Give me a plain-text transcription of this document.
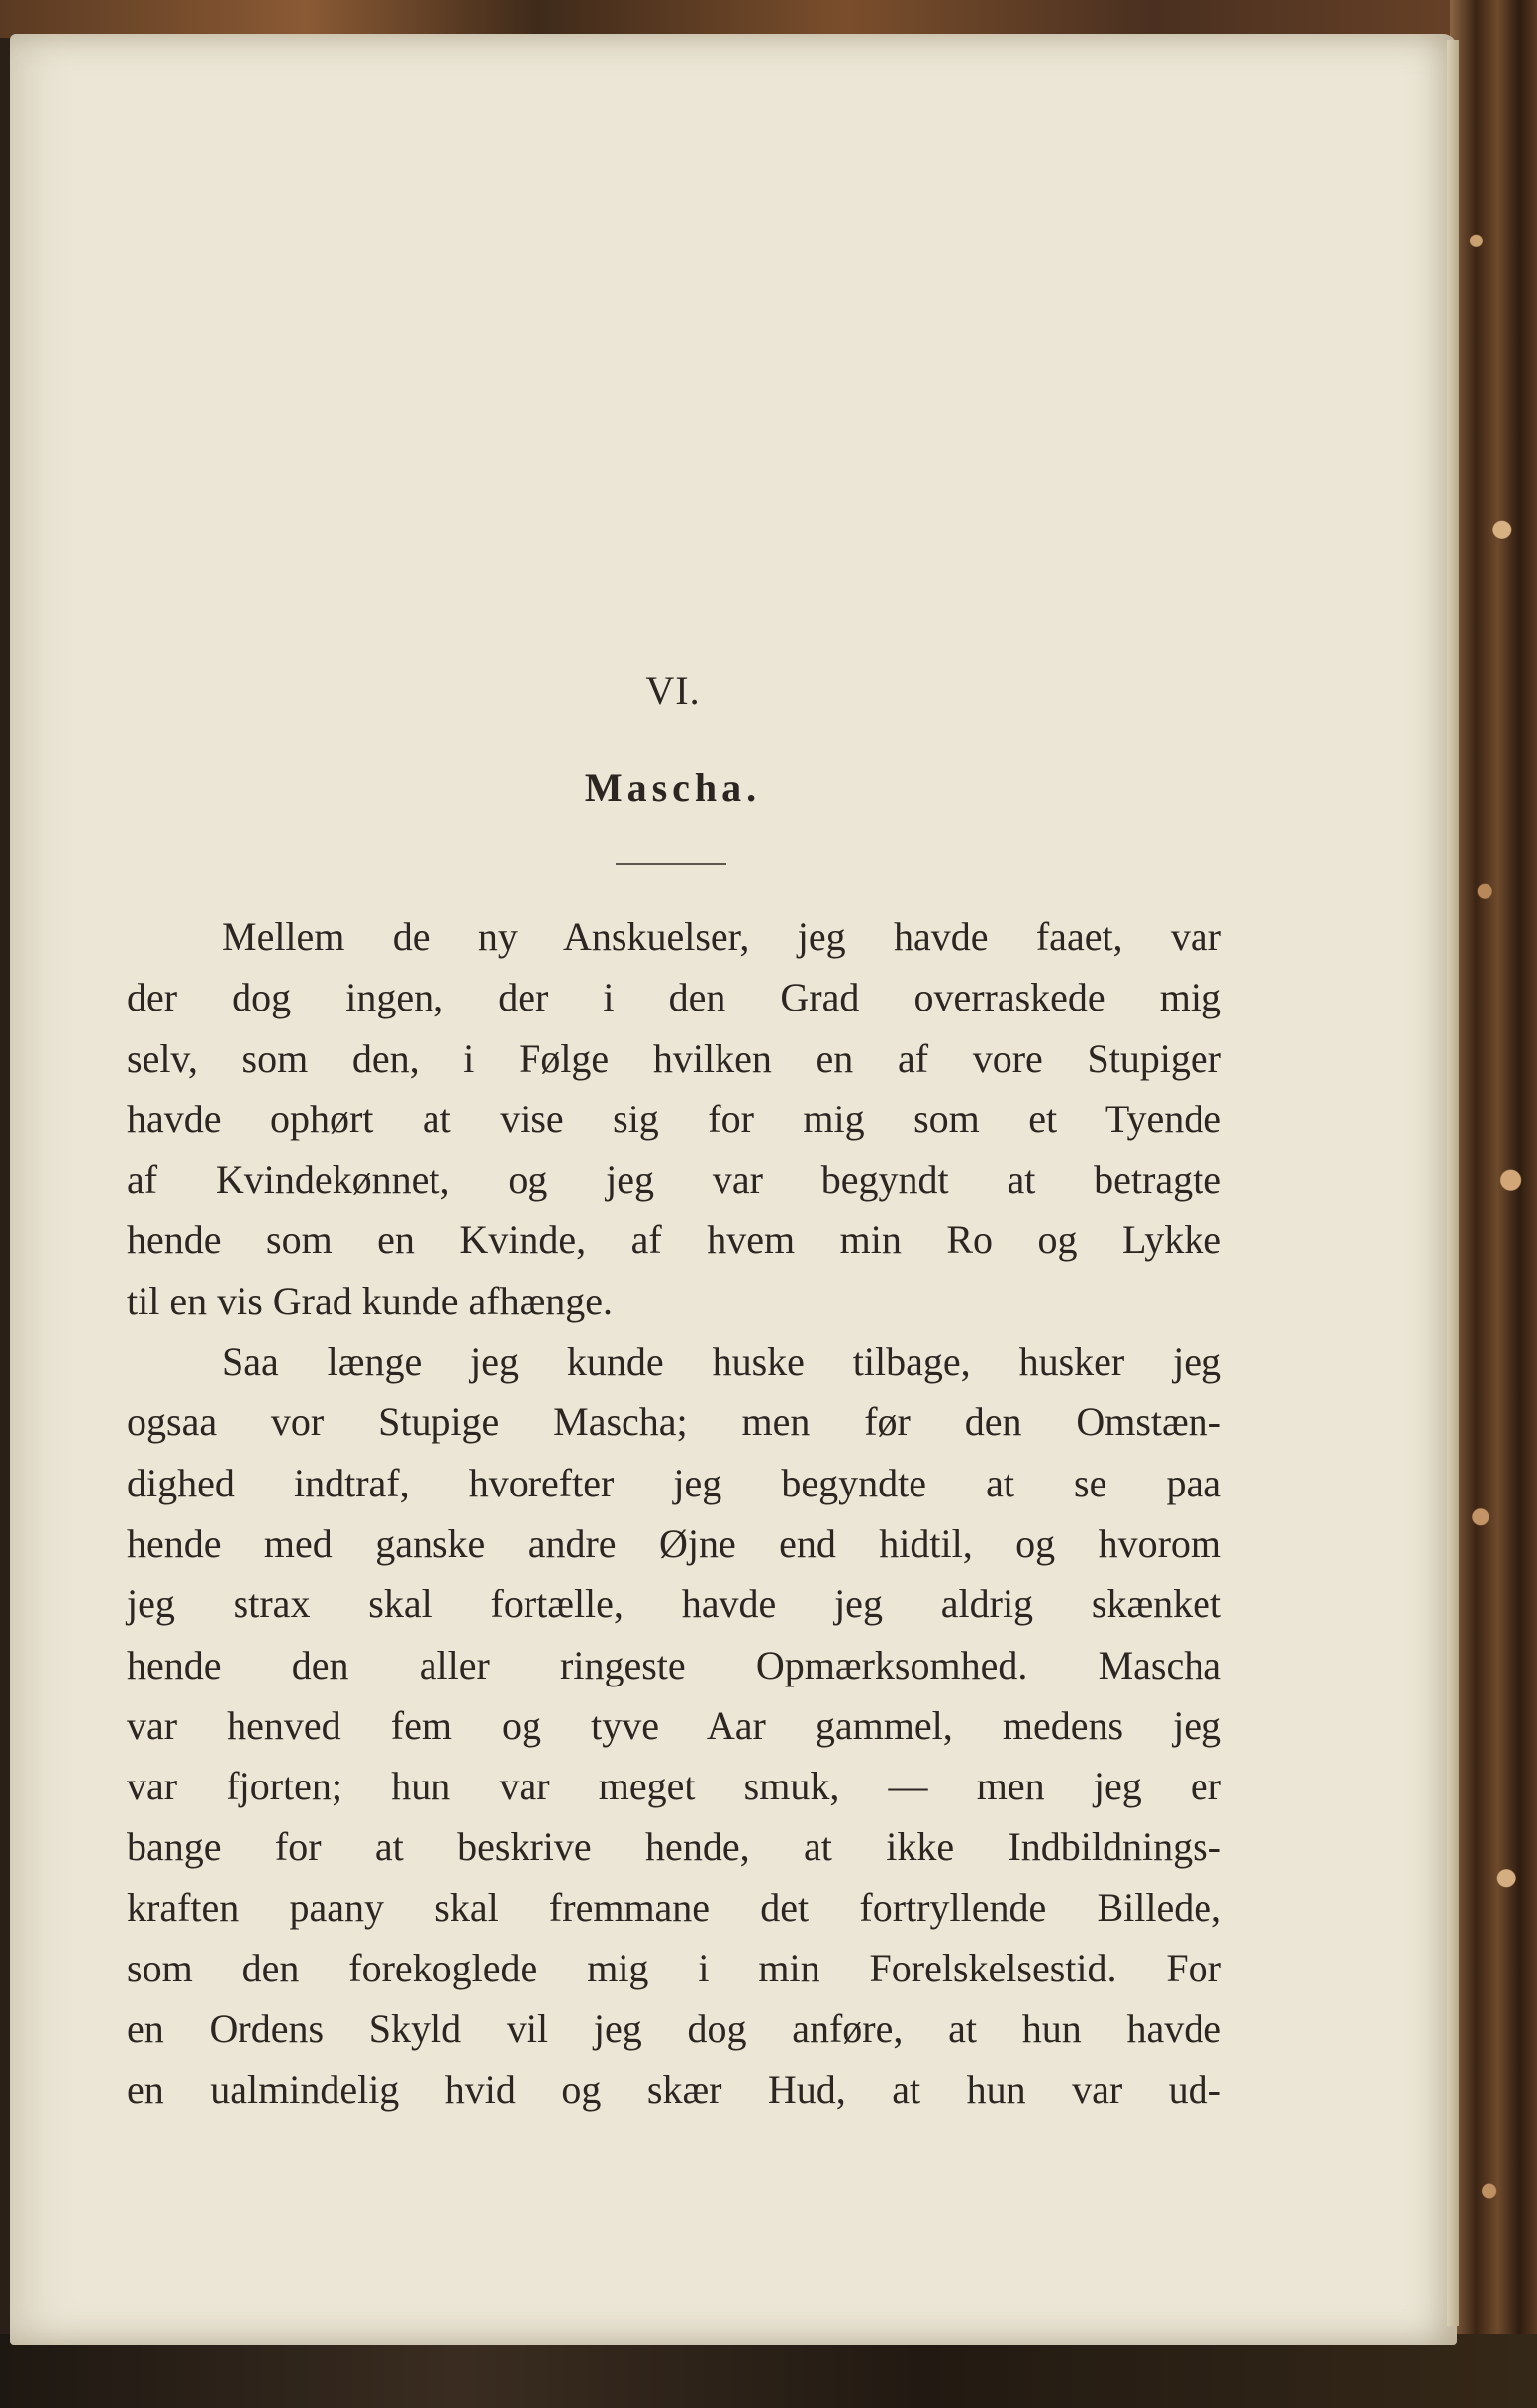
VI.
Mascha.

Mellem de ny Anskuelser, jeg havde faaet, var
der dog ingen, der i den Grad overraskede mig
selv, som den, i Følge hvilken en af vore Stupiger
havde ophørt at vise sig for mig som et Tyende
af Kvindekønnet, og jeg var begyndt at betragte
hende som en Kvinde, af hvem min Ro og Lykke
til en vis Grad kunde afhænge.

Saa længe jeg kunde huske tilbage, husker jeg
ogsaa vor Stupige Mascha; men før den Omstæn-
dighed indtraf, hvorefter jeg begyndte at se paa
hende med ganske andre Øjne end hidtil, og hvorom
jeg strax skal fortælle, havde jeg aldrig skænket
hende den aller ringeste Opmærksomhed. Mascha
var henved fem og tyve Aar gammel, medens jeg
var fjorten; hun var meget smuk, — men jeg er
bange for at beskrive hende, at ikke Indbildnings-
kraften paany skal fremmane det fortryllende Billede,
som den forekoglede mig i min Forelskelsestid. For
en Ordens Skyld vil jeg dog anføre, at hun havde
en ualmindelig hvid og skær Hud, at hun var ud-
